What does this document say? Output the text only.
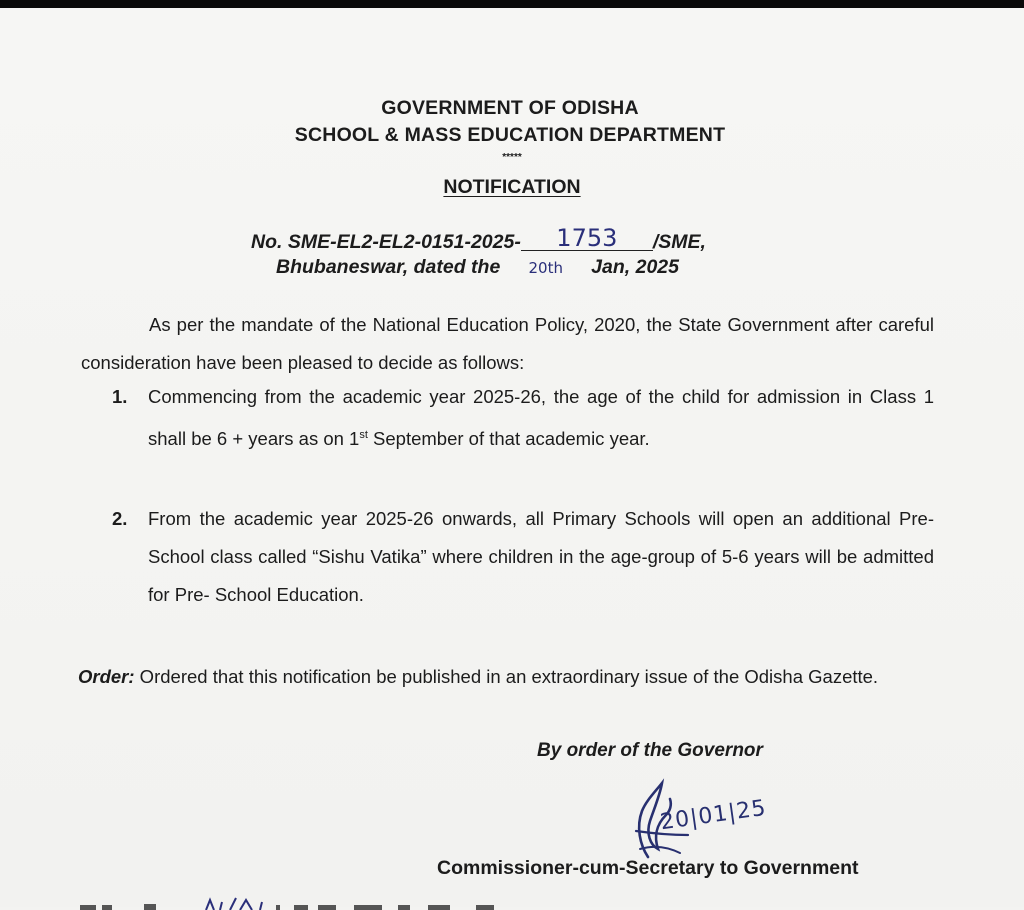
GOVERNMENT OF ODISHA
SCHOOL & MASS EDUCATION DEPARTMENT
*****
NOTIFICATION
No. SME-EL2-EL2-0151-2025- 1753 /SME,
Bhubaneswar, dated the 20th Jan, 2025
As per the mandate of the National Education Policy, 2020, the State Government after careful consideration have been pleased to decide as follows:
1. Commencing from the academic year 2025-26, the age of the child for admission in Class 1 shall be 6 + years as on 1st September of that academic year.
2. From the academic year 2025-26 onwards, all Primary Schools will open an additional Pre- School class called “Sishu Vatika” where children in the age-group of 5-6 years will be admitted for Pre- School Education.
Order: Ordered that this notification be published in an extraordinary issue of the Odisha Gazette.
By order of the Governor
20|01|25
Commissioner-cum-Secretary to Government
